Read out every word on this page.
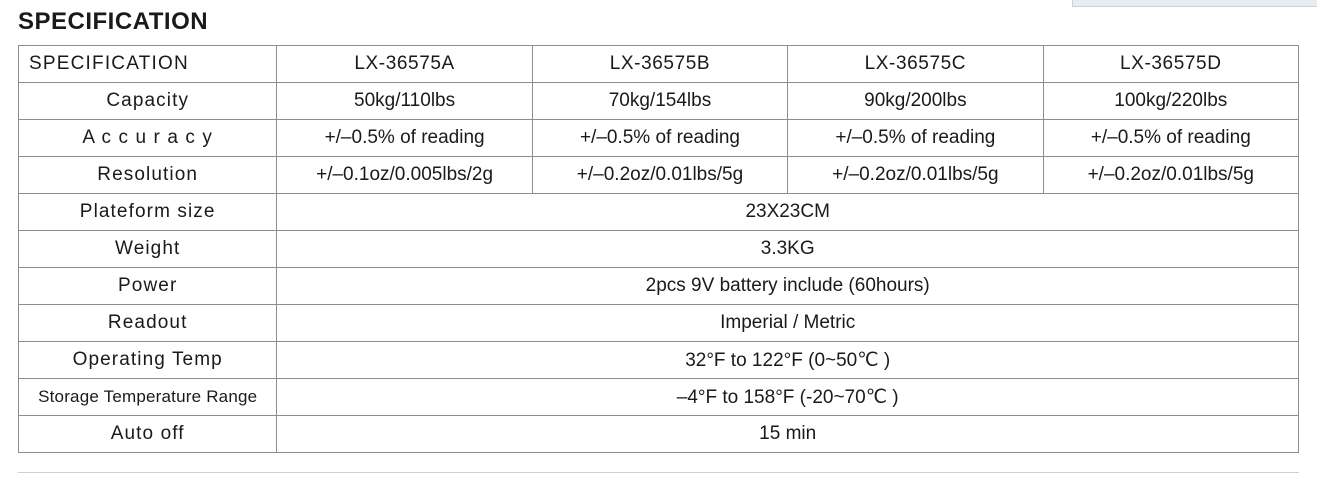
SPECIFICATION
SPECIFICATION	LX-36575A	LX-36575B	LX-36575C	LX-36575D
Capacity	50kg/110lbs	70kg/154lbs	90kg/200lbs	100kg/220lbs
A c c u r a c y	+/–0.5% of reading	+/–0.5% of reading	+/–0.5% of reading	+/–0.5% of reading
Resolution	+/–0.1oz/0.005lbs/2g	+/–0.2oz/0.01lbs/5g	+/–0.2oz/0.01lbs/5g	+/–0.2oz/0.01lbs/5g
Plateform size	23X23CM			
Weight	3.3KG			
Power	2pcs 9V battery include (60hours)			
Readout	Imperial / Metric			
Operating Temp	32°F to 122°F (0~50℃ )			
Storage Temperature Range	–4°F to 158°F (-20~70℃ )			
Auto off	15 min			
